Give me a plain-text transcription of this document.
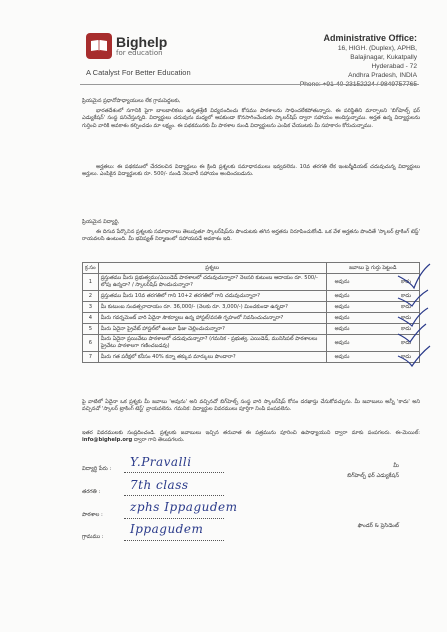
Bighelp
for education
A Catalyst For Better Education
Administrative Office:
16, HIGH. (Duplex), APHB,
Balajinagar, Kukatpally
Hyderabad - 72
Andhra Pradesh, INDIA
ప్రియమైన ప్రధానోపాధ్యాయులు లేక గ్రామపెద్దలకు,
భారతదేశంలో సగానికి పైగా బాలబాలికలు ఉన్నతశ్రేణి విద్యనందించు కోసము పాఠశాలను సాధించలేకపోతున్నారు. ఈ పరిస్థితిని మార్చాలని 'బిగ్‌హెల్ప్ ఫర్ ఎడ్యుకేషన్' సంస్థ పనిచేస్తున్నది. విద్యార్థులు చదువును మధ్యలో ఆపకుండా కొనసాగించేందుకు స్కాలర్‌షిప్ ద్వారా సహాయం అందిస్తున్నాము. అర్హత ఉన్న విద్యార్థులను గుర్తించి వారికి అవకాశం కల్పించడం మా లక్ష్యం. ఈ పథకమునకు మీ పాఠశాల నుండి విద్యార్థులను ఎంపిక చేయుటకు మీ సహకారం కోరుచున్నాము.
అర్హతలు: ఈ పథకములో చేరదలచిన విద్యార్థులు ఈ క్రింది ప్రశ్నలకు సమాధానములు ఇవ్వవలెను. 10వ తరగతి లేక ఇంటర్మీడియట్ చదువుచున్న విద్యార్థులు అర్హులు. ఎంపికైన విద్యార్థులకు రూ. 500/- నుండి నెలవారీ సహాయం అందించబడును.
ప్రియమైన విద్యార్థి,
ఈ దిగువ పేర్కొనిన ప్రశ్నలకు సమాధానాలు తెలుపుతూ స్కాలర్‌షిప్‌ను పొందుటకు తగిన అర్హతను నిరూపించుకోండి. ఒక వేళ అర్హతను పొందితే 'స్కాలర్ ట్రాకింగ్ టెస్ట్' రాయవలసి ఉంటుంది. మీ భవిష్యత్ నిర్మాణంలో సహాయపడే అవకాశం ఇది.
క్ర.సం	ప్రశ్నలు	జవాబు పై గుర్తు పెట్టండి
1	ప్రస్తుతము మీరు ప్రభుత్వము/ఎయిడెడ్ పాఠశాలలో చదువుచున్నారా? నెలసరి కుటుంబ ఆదాయం రూ. 500/- లోపు ఉన్నదా? / స్కాలర్‌షిప్ పొందుచున్నారా?	అవును కాదు

2	ప్రస్తుతము మీరు 10వ తరగతిలో గాని 10+2 తరగతిలో గాని చదువుచున్నారా?	అవును కాదు

3	మీ కుటుంబ సంవత్సరాదాయం రూ. 36,000/- (నెలకు రూ. 3,000/-) మించకుండా ఉన్నదా?	అవును కాదు

4	మీరు గవర్నమెంట్ వారి ఏదైనా సౌకర్యాలు ఉన్న హాస్టల్/వసతి గృహంలో నివసించుచున్నారా?	అవును కాదు

5	మీరు ఏదైనా ప్రైవేట్ హాస్టల్‌లో ఉంటూ ఫీజు చెల్లించుచున్నారా?	అవును కాదు

6	మీరు ఏదైనా ప్రయివేటు పాఠశాలలో చదువుచున్నారా? (గమనిక - ప్రభుత్వ, ఎయిడెడ్, మునిసిపల్ పాఠశాలలు ప్రైవేటు పాఠశాలగా గణించబడవు)	అవును కాదు

7	మీరు గత పరీక్షలో కనీసం 40% కన్నా తక్కువ మార్కులు పొందారా?	అవును కాదు
పై వాటిలో ఏదైనా ఒక ప్రశ్నకు మీ జవాబు 'అవును' అని వచ్చినచో బిగ్‌హెల్ప్ సంస్థ వారి స్కాలర్‌షిప్ కోసం దరఖాస్తు చేసుకోవచ్చును. మీ జవాబులు అన్నీ 'కాదు' అని వచ్చినచో 'స్కాలర్ ట్రాకింగ్ టెస్ట్' వ్రాయవలెను. గమనిక: విద్యార్థుల వివరములు పూర్తిగా నింపి పంపవలెను.
ఇతర వివరములకు సంప్రదించండి. ప్రశ్నలకు జవాబులు ఇచ్చిన తరువాత ఈ పత్రమును పూరించి ఉపాధ్యాయుని ద్వారా మాకు పంపగలరు. ఈ-మెయిల్: info@bighelp.org ద్వారా గాని తెలుపగలరు.
విద్యార్థి పేరు : Y.Pravalli
తరగతి : 7th class
పాఠశాల :
zphs Ippagudem
గ్రామము :
Ippagudem
మీ
బిగ్‌హెల్ప్ ఫర్ ఎడ్యుకేషన్
ఫౌండర్ & ప్రెసిడెంట్
